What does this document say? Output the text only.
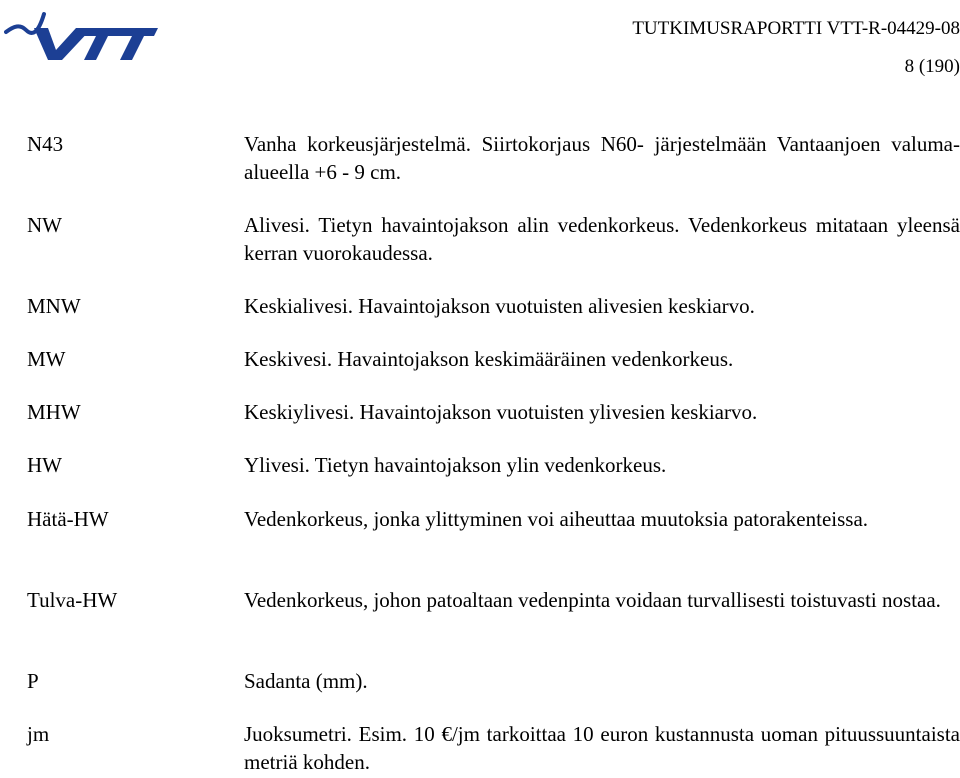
TUTKIMUSRAPORTTI VTT-R-04429-08
8 (190)
N43	Vanha korkeusjärjestelmä. Siirtokorjaus N60- järjestelmään Vantaanjoen valuma-alueella +6 - 9 cm.
NW	Alivesi. Tietyn havaintojakson alin vedenkorkeus. Vedenkorkeus mitataan yleensä kerran vuorokaudessa.
MNW	Keskialivesi. Havaintojakson vuotuisten alivesien keskiarvo.
MW	Keskivesi. Havaintojakson keskimääräinen vedenkorkeus.
MHW	Keskiylivesi. Havaintojakson vuotuisten ylivesien keskiarvo.
HW	Ylivesi. Tietyn havaintojakson ylin vedenkorkeus.
Hätä-HW	Vedenkorkeus, jonka ylittyminen voi aiheuttaa muutoksia patorakenteissa.
Tulva-HW	Vedenkorkeus, johon patoaltaan vedenpinta voidaan turvallisesti toistuvasti nostaa.
P	Sadanta (mm).
jm	Juoksumetri. Esim. 10 €/jm tarkoittaa 10 euron kustannusta uoman pituussuuntaista metriä kohden.
